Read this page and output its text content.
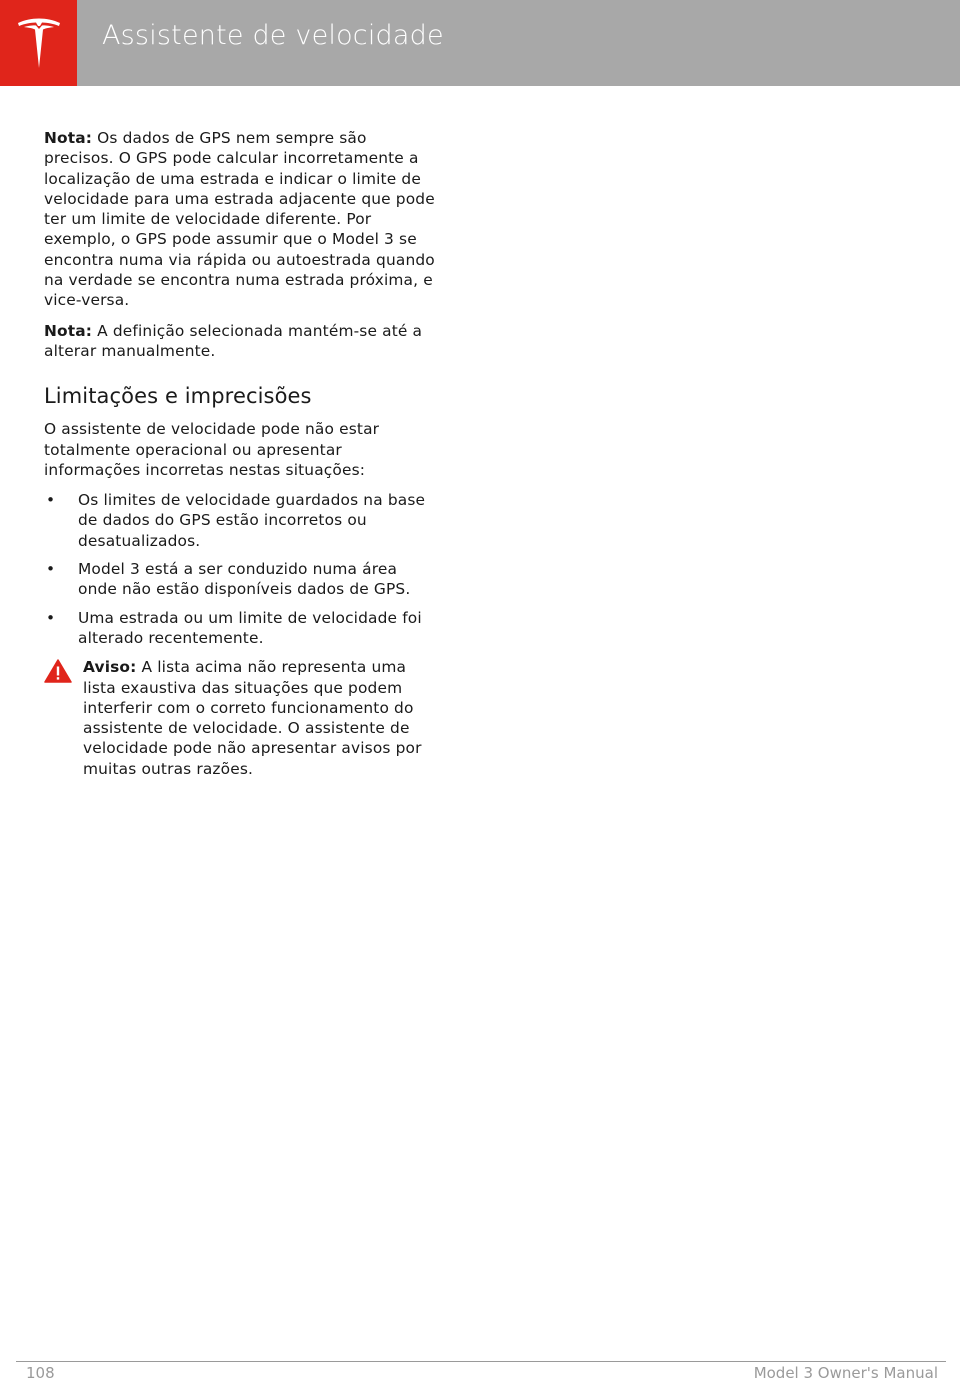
Assistente de velocidade

Nota: Os dados de GPS nem sempre são precisos. O GPS pode calcular incorretamente a localização de uma estrada e indicar o limite de velocidade para uma estrada adjacente que pode ter um limite de velocidade diferente. Por exemplo, o GPS pode assumir que o Model 3 se encontra numa via rápida ou autoestrada quando na verdade se encontra numa estrada próxima, e vice-versa.

Nota: A definição selecionada mantém-se até a alterar manualmente.

Limitações e imprecisões

O assistente de velocidade pode não estar totalmente operacional ou apresentar informações incorretas nestas situações:

•	Os limites de velocidade guardados na base de dados do GPS estão incorretos ou desatualizados.
•	Model 3 está a ser conduzido numa área onde não estão disponíveis dados de GPS.
•	Uma estrada ou um limite de velocidade foi alterado recentemente.
Aviso: A lista acima não representa uma lista exaustiva das situações que podem interferir com o correto funcionamento do assistente de velocidade. O assistente de velocidade pode não apresentar avisos por muitas outras razões.
108	Model 3 Owner's Manual
